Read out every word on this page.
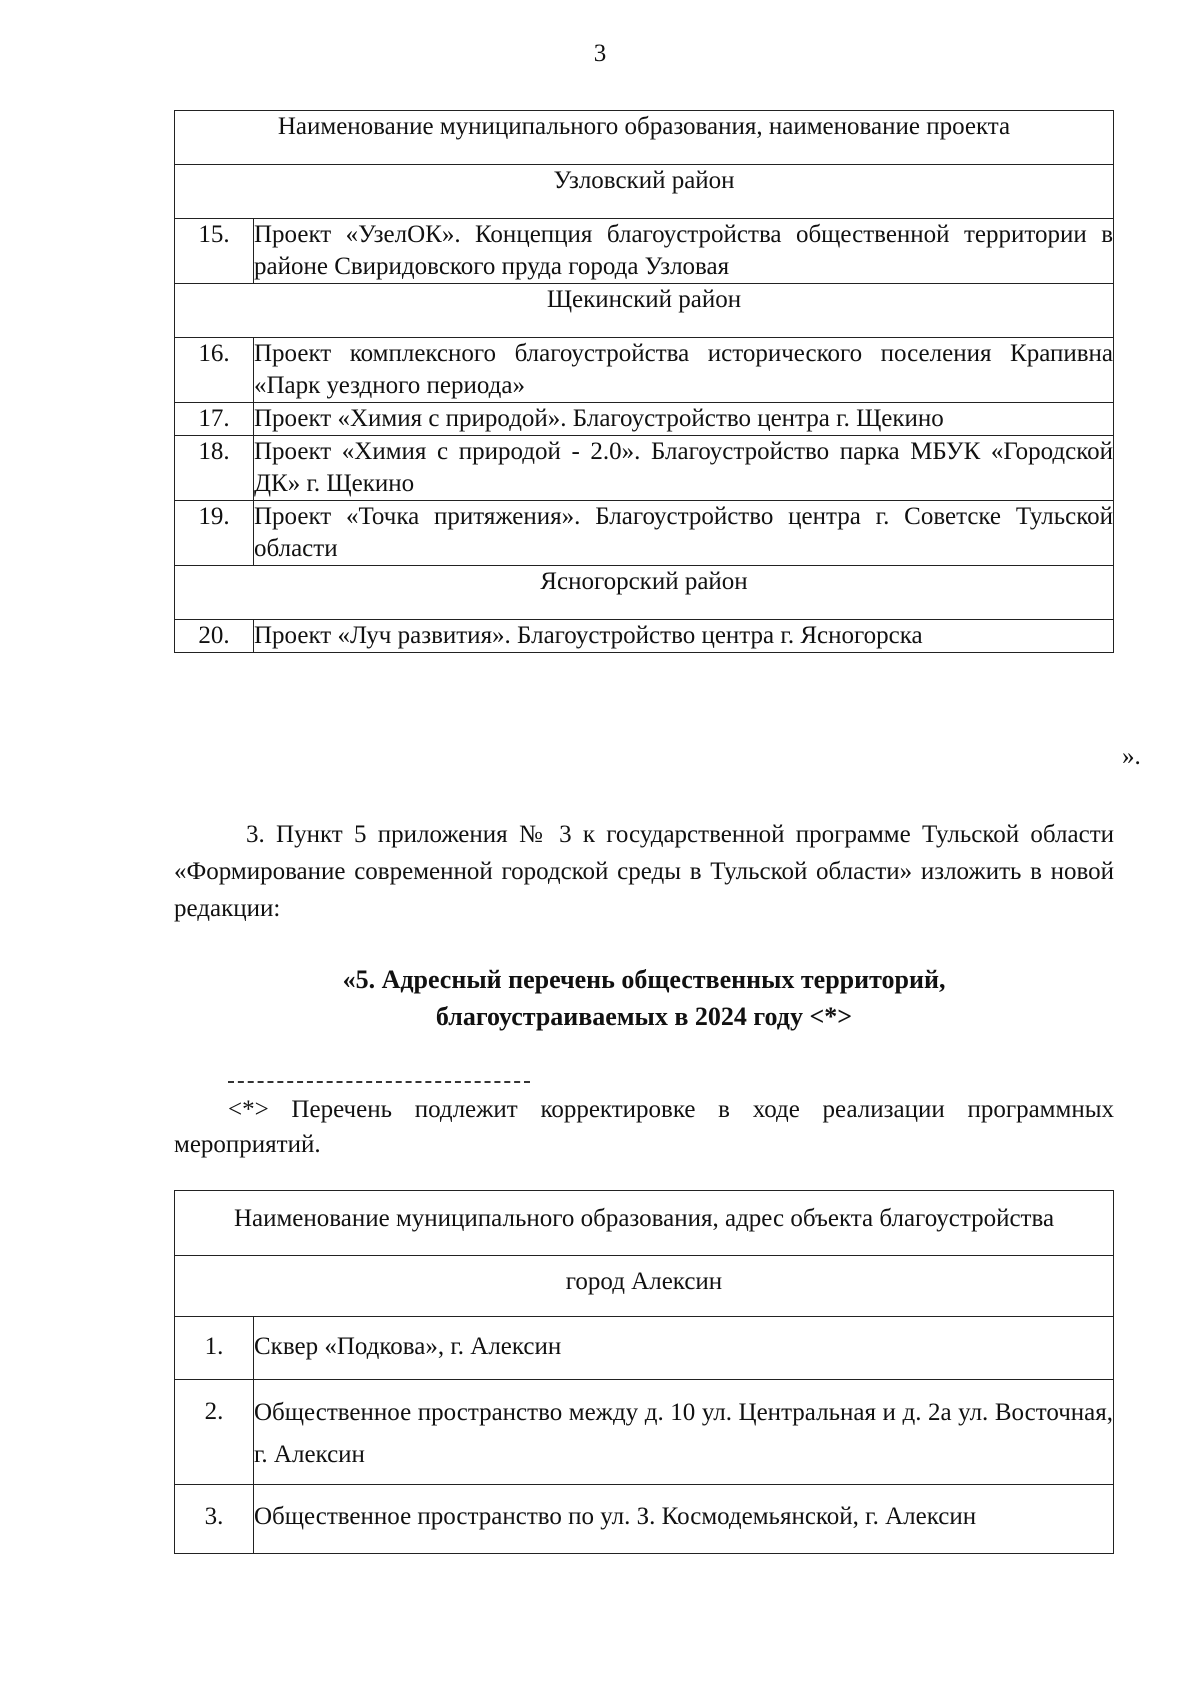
3
Наименование муниципального образования, наименование проекта	
Узловский район	
15.	Проект «УзелОК». Концепция благоустройства общественной территории в районе Свиридовского пруда города Узловая
Щекинский район	
16.	Проект комплексного благоустройства исторического поселения Крапивна «Парк уездного периода»
17.	Проект «Химия с природой». Благоустройство центра г. Щекино
18.	Проект «Химия с природой - 2.0». Благоустройство парка МБУК «Городской ДК» г. Щекино
19.	Проект «Точка притяжения». Благоустройство центра г. Советске Тульской области
Ясногорский район	
20.	Проект «Луч развития». Благоустройство центра г. Ясногорска
».
3. Пункт 5 приложения № 3 к государственной программе Тульской области «Формирование современной городской среды в Тульской области» изложить в новой редакции:
«5. Адресный перечень общественных территорий,
благоустраиваемых в 2024 году <*>
<*> Перечень подлежит корректировке в ходе реализации программных мероприятий.
Наименование муниципального образования, адрес объекта благоустройства	
город Алексин	
1.	Сквер «Подкова», г. Алексин
2.	Общественное пространство между д. 10 ул. Центральная и д. 2а ул. Восточная, г. Алексин
3.	Общественное пространство по ул. З. Космодемьянской, г. Алексин
